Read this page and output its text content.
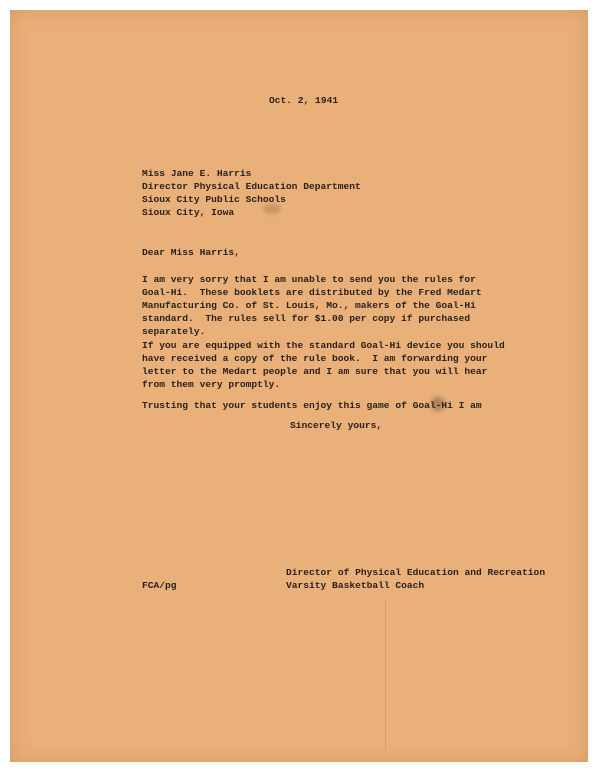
Oct. 2, 1941
Miss Jane E. Harris
Director Physical Education Department
Sioux City Public Schools
Sioux City, Iowa
Dear Miss Harris,
I am very sorry that I am unable to send you the rules for
Goal-Hi.  These booklets are distributed by the Fred Medart
Manufacturing Co. of St. Louis, Mo., makers of the Goal-Hi
standard.  The rules sell for $1.00 per copy if purchased
separately.
If you are equipped with the standard Goal-Hi device you should
have received a copy of the rule book.  I am forwarding your
letter to the Medart people and I am sure that you will hear
from them very promptly.
Trusting that your students enjoy this game of Goal-Hi I am
Sincerely yours,
Director of Physical Education and Recreation
Varsity Basketball Coach
FCA/pg
